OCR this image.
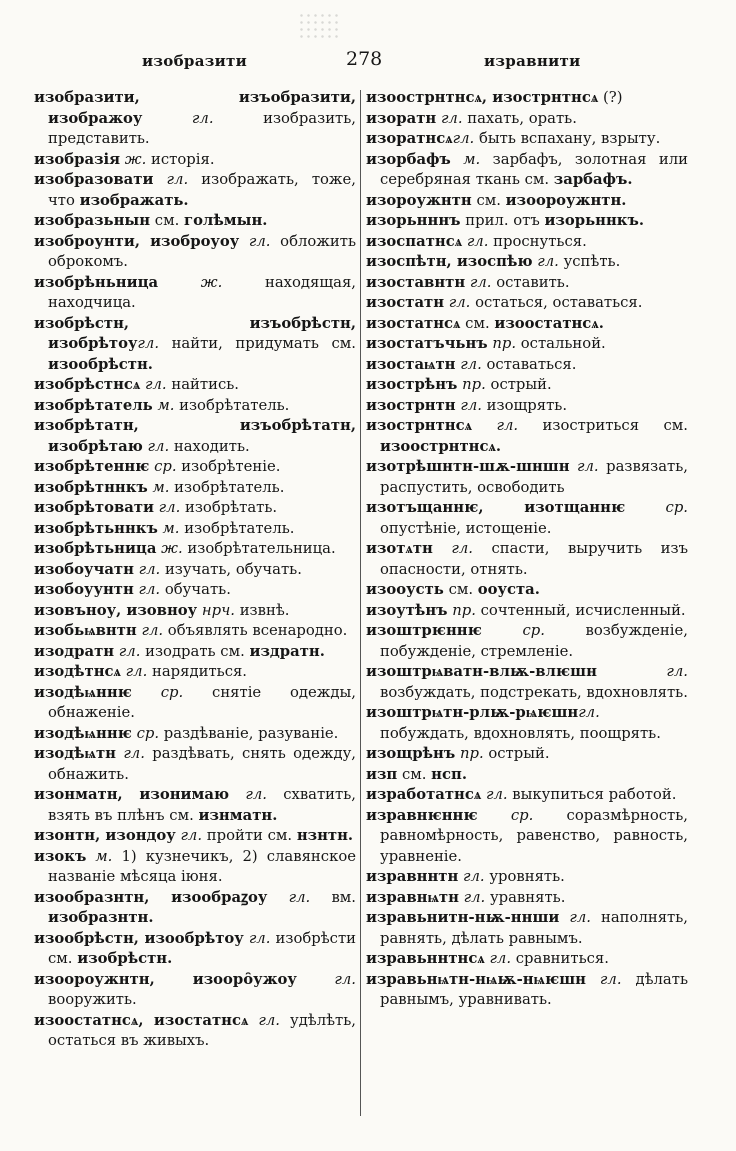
изобразити	278	изравнити

изобразити, изъобразити, изображоу гл. изобразить, представить.

изобразія ж. исторія.

изобразовати гл. изображать, тоже, что изображать.

изобразьнын см. голѣмын.

изоброунти, изоброуоу гл. обложить оброкомъ.

изобрѣньница ж. находящая, находчица.

изобрѣстн, изъобрѣстн, изобрѣтоугл. найти, придумать см. изообрѣстн.

изобрѣстнсѧ гл. найтись.

изобрѣтатель м. изобрѣтатель.

изобрѣтатн, изъобрѣтатн, изобрѣтаю гл. находить.

изобрѣтеннѥ ср. изобрѣтеніе.

изобрѣтннкъ м. изобрѣтатель.

изобрѣтовати гл. изобрѣтать.

изобрѣтьннкъ м. изобрѣтатель.

изобрѣтьница ж. изобрѣтательница.

изобоучатн гл. изучать, обучать.

изобоуунтн гл. обучать.

изовъноу, изовноу нрч. извнѣ.

изобьѩвнтн гл. объявлять всенародно.

изодратн гл. изодрать см. издратн.

изодѣтнсѧ гл. нарядиться.

изодѣѩннѥ ср. снятіе одежды, обнаженіе.

изодѣѩннѥ ср. раздѣваніе, разуваніе.

изодѣѩтн гл. раздѣвать, снять одежду, обнажить.

изонматн, изонимаю гл. схватить, взять въ плѣнъ см. изнматн.

изонтн, изондоу гл. пройти см. нзнтн.

изокъ м. 1) кузнечикъ, 2) славянское названіе мѣсяца іюня.

изообразнтн, изообраꙁоу гл. вм. изобразнтн.

изообрѣстн, изообрѣтоу гл. изобрѣсти см. изобрѣстн.

изоороужнтн, изооро̑ужоу гл. вооружить.

изоостатнсѧ, изостатнсѧ гл. удѣлѣть, остаться въ живыхъ.

изоострнтнсѧ, изострнтнсѧ (?)

изоратн гл. пахать, орать.

изоратнсѧгл. быть вспахану, взрыту.

изорбафъ м. зарбафъ, золотная или серебряная ткань см. зарбафъ.

изороужнтн см. изоороужнтн.

изорьнннъ прил. отъ изорьннкъ.

изоспатнсѧ гл. проснуться.

изоспѣтн, изоспѣю гл. успѣть.

изоставнтн гл. оставить.

изостатн гл. остаться, оставаться.

изостатнсѧ см. изоостатнсѧ.

изостатъчьнъ пр. остальной.

изостаѩтн гл. оставаться.

изострѣнъ пр. острый.

изострнтн гл. изощрять.

изострнтнсѧ гл. изостриться см. изоострнтнсѧ.

изотрѣшнтн-шѫ-шншн гл. развязать, распустить, освободить

изотъщаннѥ, изотщаннѥ ср. опустѣніе, истощеніе.

изотѧтн гл. спасти, выручить изъ опасности, отнять.

изооусть см. ооуста.

изоутѣнъ пр. сочтенный, исчисленный.

изоштрѥннѥ ср. возбужденіе, побужденіе, стремленіе.

изоштрѩватн-влѭ-влѥшн гл. возбуждать, подстрекать, вдохновлять.

изоштрѩтн-рлѭ-рѩѥшнгл. побуждать, вдохновлять, поощрять.

изощрѣнъ пр. острый.

изп см. нсп.

изработатнсѧ гл. выкупиться работой.

изравнѥннѥ ср. соразмѣрность, равномѣрность, равенство, равность, уравненіе.

изравннтн гл. уровнять.

изравнѩтн гл. уравнять.

изравьнитн-нѭ-ннши гл. наполнять, равнять, дѣлать равнымъ.

изравьннтнсѧ гл. сравниться.

изравьнѩтн-нѩѭ-нѩѥшн гл. дѣлать равнымъ, уравнивать.
